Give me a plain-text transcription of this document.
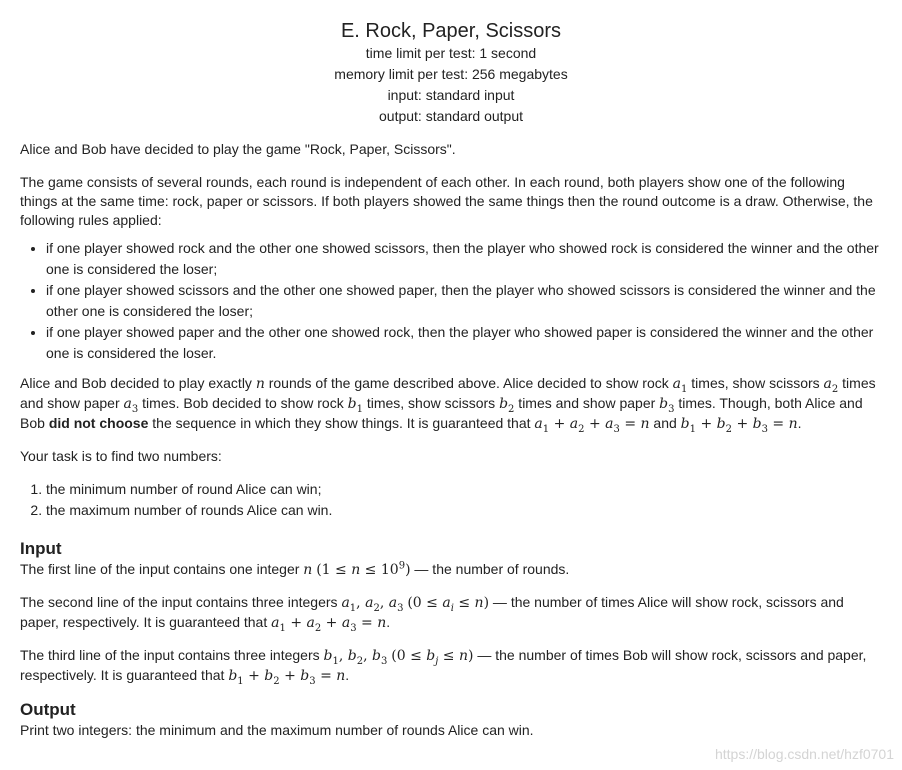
E. Rock, Paper, Scissors
time limit per test: 1 second
memory limit per test: 256 megabytes
input: standard input
output: standard output

Alice and Bob have decided to play the game "Rock, Paper, Scissors".

The game consists of several rounds, each round is independent of each other. In each round, both players show one of the following things at the same time: rock, paper or scissors. If both players showed the same things then the round outcome is a draw. Otherwise, the following rules applied:

• if one player showed rock and the other one showed scissors, then the player who showed rock is considered the winner and the other one is considered the loser;
• if one player showed scissors and the other one showed paper, then the player who showed scissors is considered the winner and the other one is considered the loser;
• if one player showed paper and the other one showed rock, then the player who showed paper is considered the winner and the other one is considered the loser.

Alice and Bob decided to play exactly n rounds of the game described above. Alice decided to show rock $a_1$ times, show scissors $a_2$ times and show paper $a_3$ times. Bob decided to show rock $b_1$ times, show scissors $b_2$ times and show paper $b_3$ times. Though, both Alice and Bob did not choose the sequence in which they show things. It is guaranteed that $a_1 + a_2 + a_3 = n$ and $b_1 + b_2 + b_3 = n$.

Your task is to find two numbers:

1. the minimum number of round Alice can win;
2. the maximum number of rounds Alice can win.
Input

The first line of the input contains one integer n $(1 \le n \le 10^9)$ — the number of rounds.

The second line of the input contains three integers $a_1$, $a_2$, $a_3$ $(0 \le a_i \le n)$ — the number of times Alice will show rock, scissors and paper, respectively. It is guaranteed that $a_1 + a_2 + a_3 = n$.

The third line of the input contains three integers $b_1$, $b_2$, $b_3$ $(0 \le b_j \le n)$ — the number of times Bob will show rock, scissors and paper, respectively. It is guaranteed that $b_1 + b_2 + b_3 = n$.

Output

Print two integers: the minimum and the maximum number of rounds Alice can win.

https://blog.csdn.net/hzf0701
